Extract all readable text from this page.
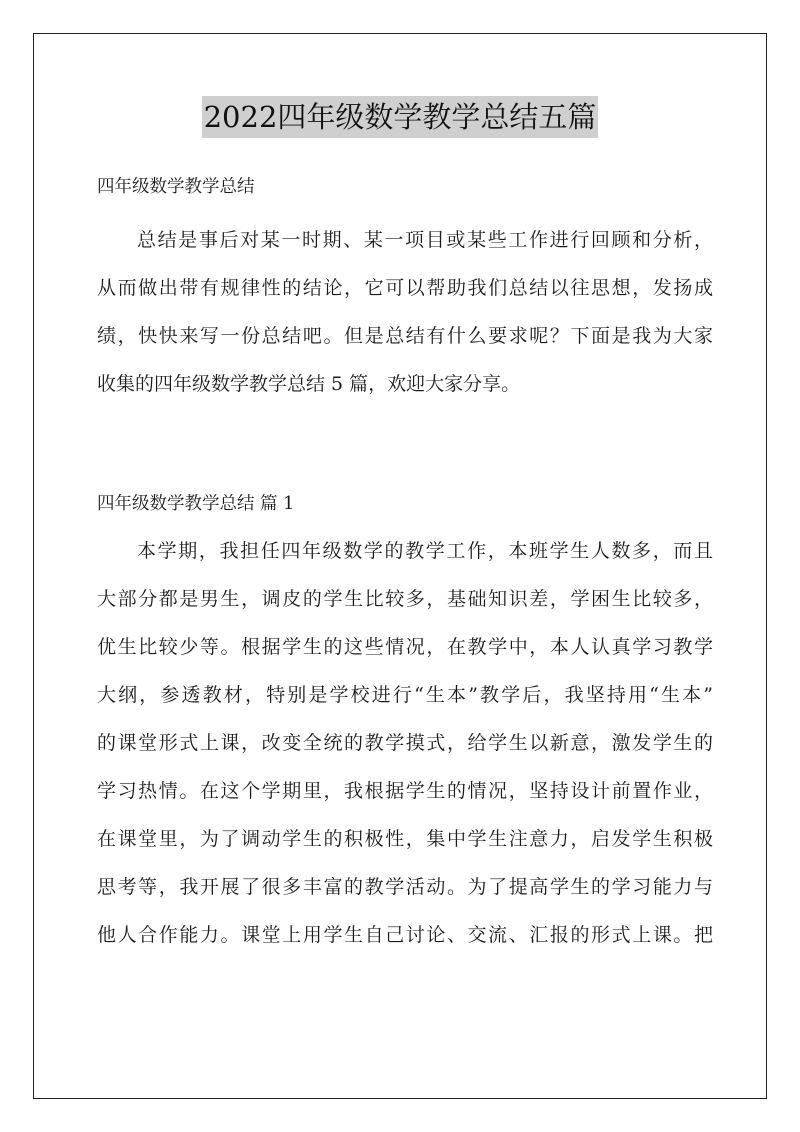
2022四年级数学教学总结五篇
四年级数学教学总结
总结是事后对某一时期、某一项目或某些工作进行回顾和分析，
从而做出带有规律性的结论，它可以帮助我们总结以往思想，发扬成
绩，快快来写一份总结吧。但是总结有什么要求呢？下面是我为大家
收集的四年级数学教学总结 5 篇，欢迎大家分享。
四年级数学教学总结 篇 1
本学期，我担任四年级数学的教学工作，本班学生人数多，而且
大部分都是男生，调皮的学生比较多，基础知识差，学困生比较多，
优生比较少等。根据学生的这些情况，在教学中，本人认真学习教学
大纲，参透教材，特别是学校进行“生本”教学后，我坚持用“生本”
的课堂形式上课，改变全统的教学摸式，给学生以新意，激发学生的
学习热情。在这个学期里，我根据学生的情况，坚持设计前置作业，
在课堂里，为了调动学生的积极性，集中学生注意力，启发学生积极
思考等，我开展了很多丰富的教学活动。为了提高学生的学习能力与
他人合作能力。课堂上用学生自己讨论、交流、汇报的形式上课。把
